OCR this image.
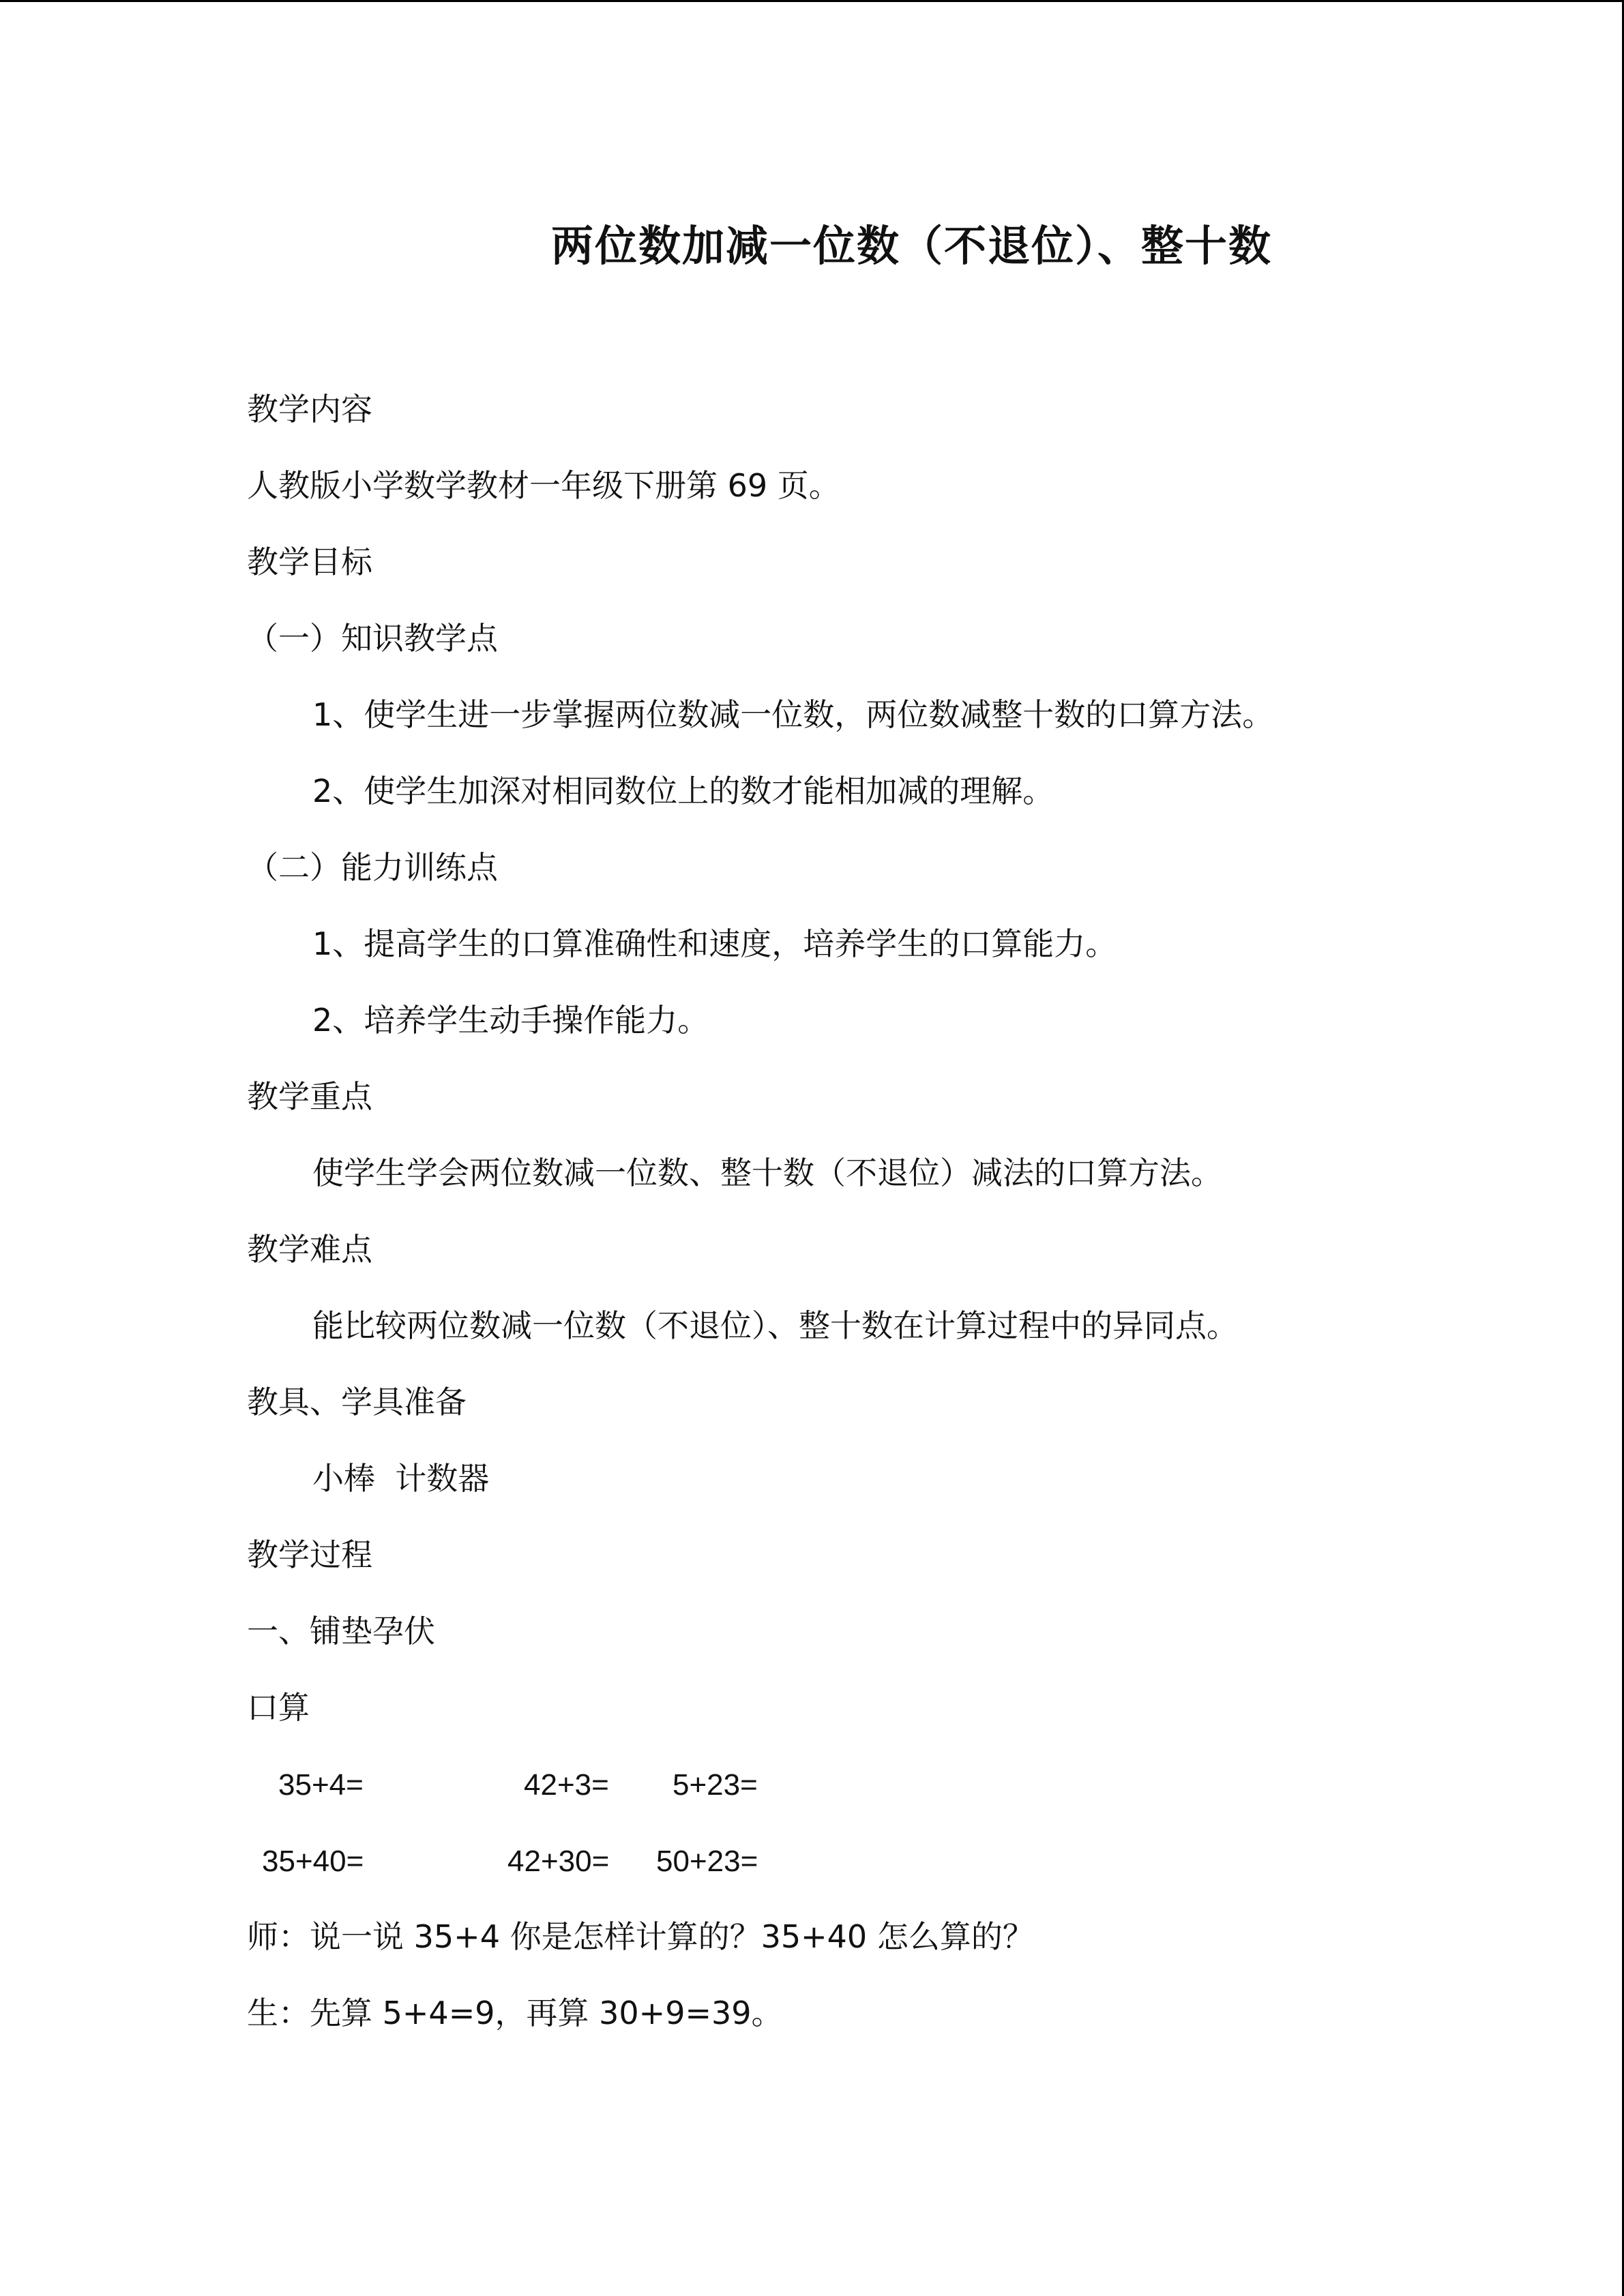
两位数加减一位数（不退位）、整十数
教学内容
人教版小学数学教材一年级下册第 69 页。
教学目标
（一）知识教学点
1、使学生进一步掌握两位数减一位数，两位数减整十数的口算方法。
2、使学生加深对相同数位上的数才能相加减的理解。
（二）能力训练点
1、提高学生的口算准确性和速度，培养学生的口算能力。
2、培养学生动手操作能力。
教学重点
使学生学会两位数减一位数、整十数（不退位）减法的口算方法。
教学难点
能比较两位数减一位数（不退位）、整十数在计算过程中的异同点。
教具、学具准备
小棒  计数器
教学过程
一、铺垫孕伏
口算
35+4=	42+3= 5+23=
35+40=	42+30= 50+23=
师：说一说 35+4 你是怎样计算的？35+40 怎么算的？
生：先算 5+4=9，再算 30+9=39。
